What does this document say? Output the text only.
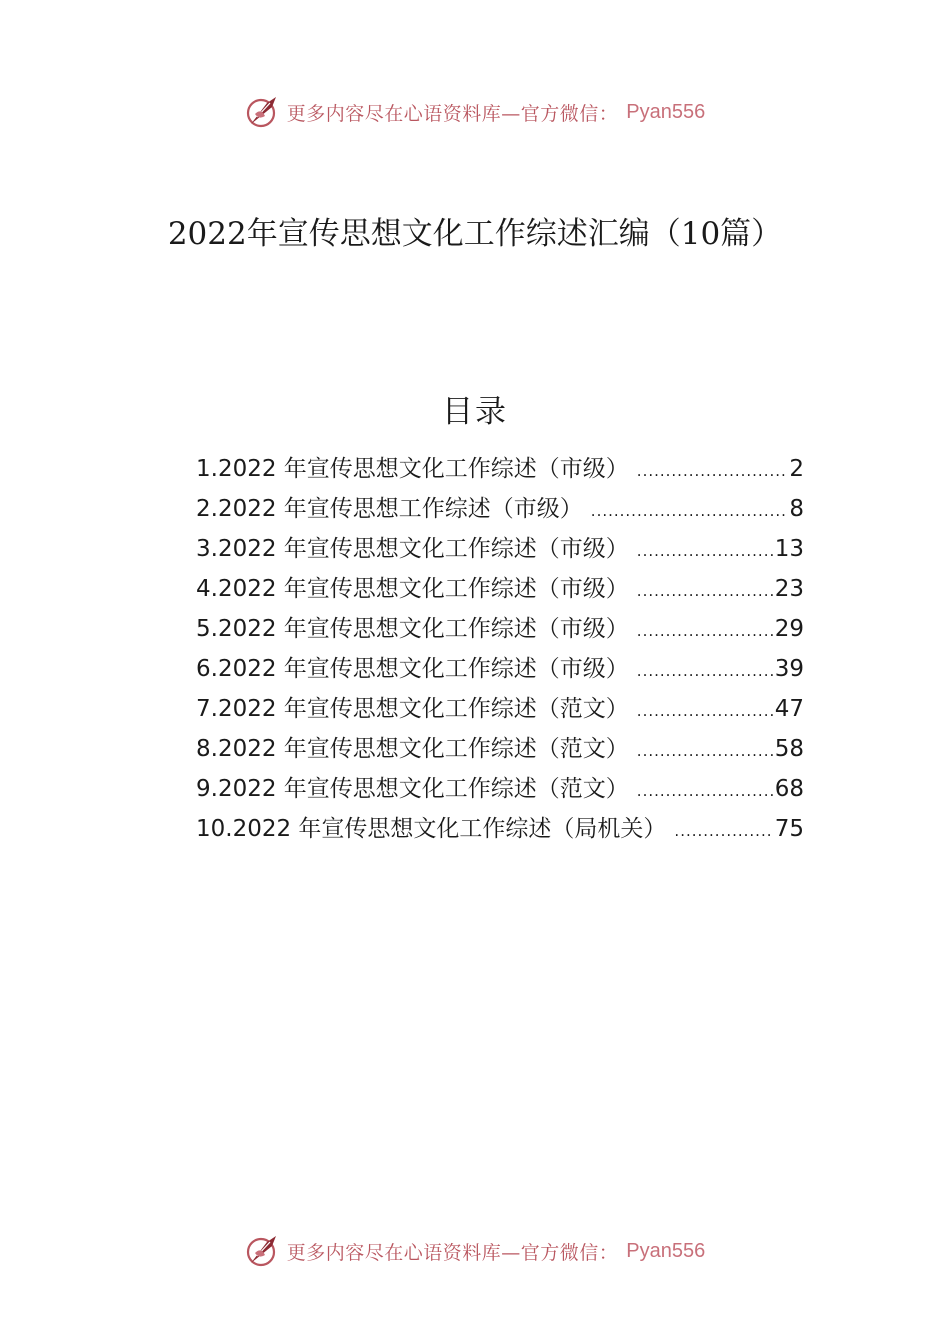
更多内容尽在心语资料库—官方微信： Pyan556
2022年宣传思想文化工作综述汇编（10篇）
目录
1.2022 年宣传思想文化工作综述（市级） .....	2
2.2022 年宣传思想工作综述（市级） .....	8
3.2022 年宣传思想文化工作综述（市级） .....	13
4.2022 年宣传思想文化工作综述（市级） .....	23
5.2022 年宣传思想文化工作综述（市级） .....	29
6.2022 年宣传思想文化工作综述（市级） .....	39
7.2022 年宣传思想文化工作综述（范文） .....	47
8.2022 年宣传思想文化工作综述（范文） .....	58
9.2022 年宣传思想文化工作综述（范文） .....	68
10.2022 年宣传思想文化工作综述（局机关） .....	75
更多内容尽在心语资料库—官方微信： Pyan556
